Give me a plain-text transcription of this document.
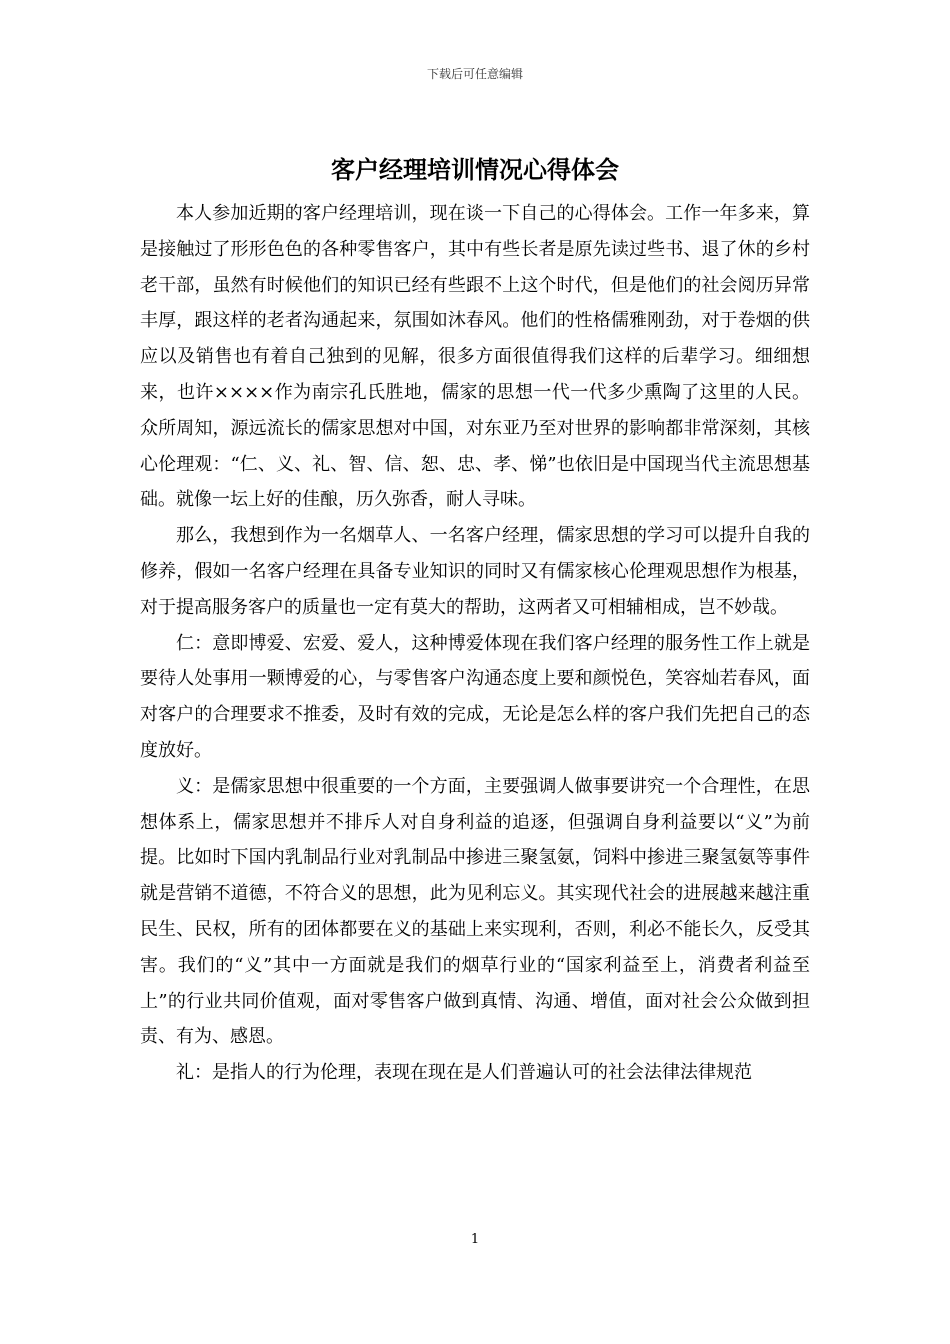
下载后可任意编辑
客户经理培训情况心得体会

本人参加近期的客户经理培训，现在谈一下自己的心得体会。工作一年多来，算是接触过了形形色色的各种零售客户，其中有些长者是原先读过些书、退了休的乡村老干部，虽然有时候他们的知识已经有些跟不上这个时代，但是他们的社会阅历异常丰厚，跟这样的老者沟通起来，氛围如沐春风。他们的性格儒雅刚劲，对于卷烟的供应以及销售也有着自己独到的见解，很多方面很值得我们这样的后辈学习。细细想来，也许××××作为南宗孔氏胜地，儒家的思想一代一代多少熏陶了这里的人民。众所周知，源远流长的儒家思想对中国，对东亚乃至对世界的影响都非常深刻，其核心伦理观：“仁、义、礼、智、信、恕、忠、孝、悌”也依旧是中国现当代主流思想基础。就像一坛上好的佳酿，历久弥香，耐人寻味。

那么，我想到作为一名烟草人、一名客户经理，儒家思想的学习可以提升自我的修养，假如一名客户经理在具备专业知识的同时又有儒家核心伦理观思想作为根基，对于提高服务客户的质量也一定有莫大的帮助，这两者又可相辅相成，岂不妙哉。

仁：意即博爱、宏爱、爱人，这种博爱体现在我们客户经理的服务性工作上就是要待人处事用一颗博爱的心，与零售客户沟通态度上要和颜悦色，笑容灿若春风，面对客户的合理要求不推委，及时有效的完成，无论是怎么样的客户我们先把自己的态度放好。

义：是儒家思想中很重要的一个方面，主要强调人做事要讲究一个合理性，在思想体系上，儒家思想并不排斥人对自身利益的追逐，但强调自身利益要以“义”为前提。比如时下国内乳制品行业对乳制品中掺进三聚氢氨，饲料中掺进三聚氢氨等事件就是营销不道德，不符合义的思想，此为见利忘义。其实现代社会的进展越来越注重民生、民权，所有的团体都要在义的基础上来实现利，否则，利必不能长久，反受其害。我们的“义”其中一方面就是我们的烟草行业的“国家利益至上，消费者利益至上”的行业共同价值观，面对零售客户做到真情、沟通、增值，面对社会公众做到担责、有为、感恩。

礼：是指人的行为伦理，表现在现在是人们普遍认可的社会法律法律规范

1
